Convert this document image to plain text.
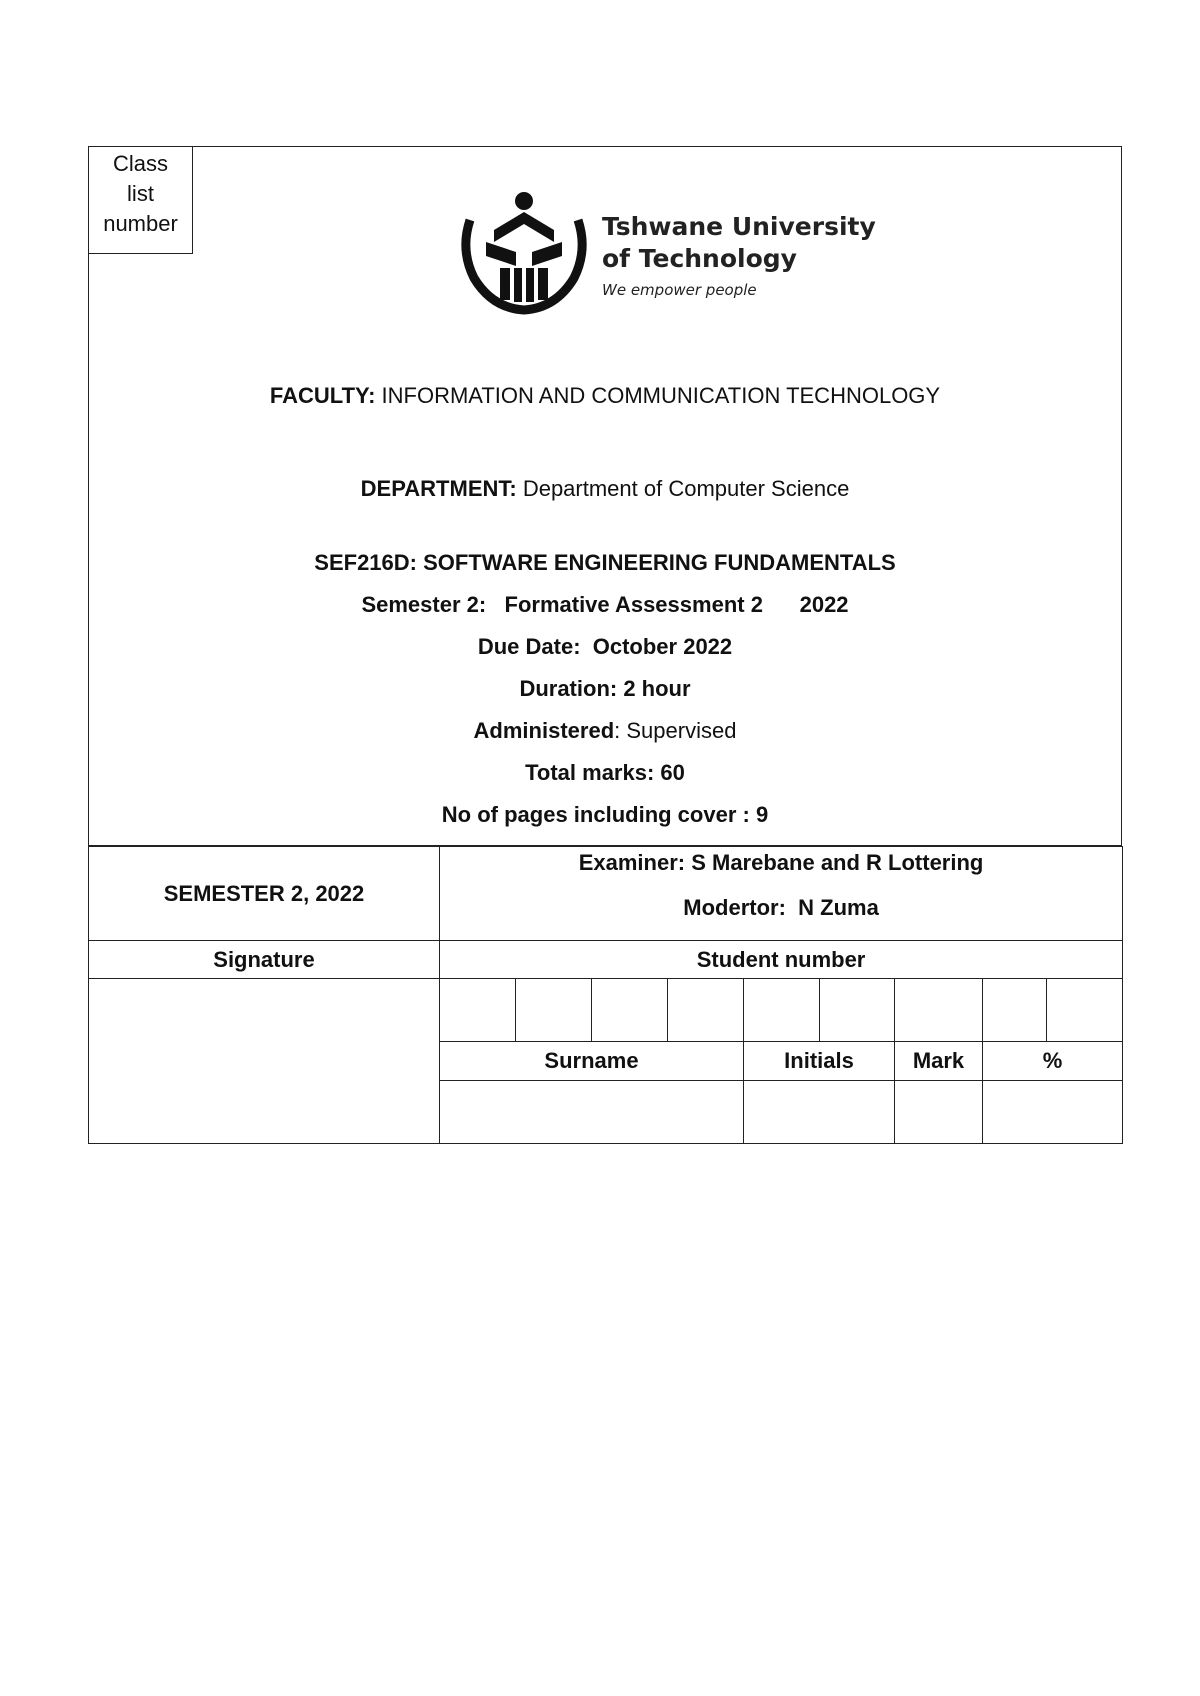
Class
list
number	Tshwane University
of Technology
We empower people
FACULTY: INFORMATION AND COMMUNICATION TECHNOLOGY
DEPARTMENT: Department of Computer Science
SEF216D: SOFTWARE ENGINEERING FUNDAMENTALS
Semester 2:   Formative Assessment 2      2022
Due Date:  October 2022
Duration: 2 hour
Administered: Supervised
Total marks: 60
No of pages including cover : 9
SEMESTER 2, 2022	Examiner: S Marebane and R Lottering
Modertor:  N Zuma								

Signature	Student number								

	Surname				Initials		Mark	%	
